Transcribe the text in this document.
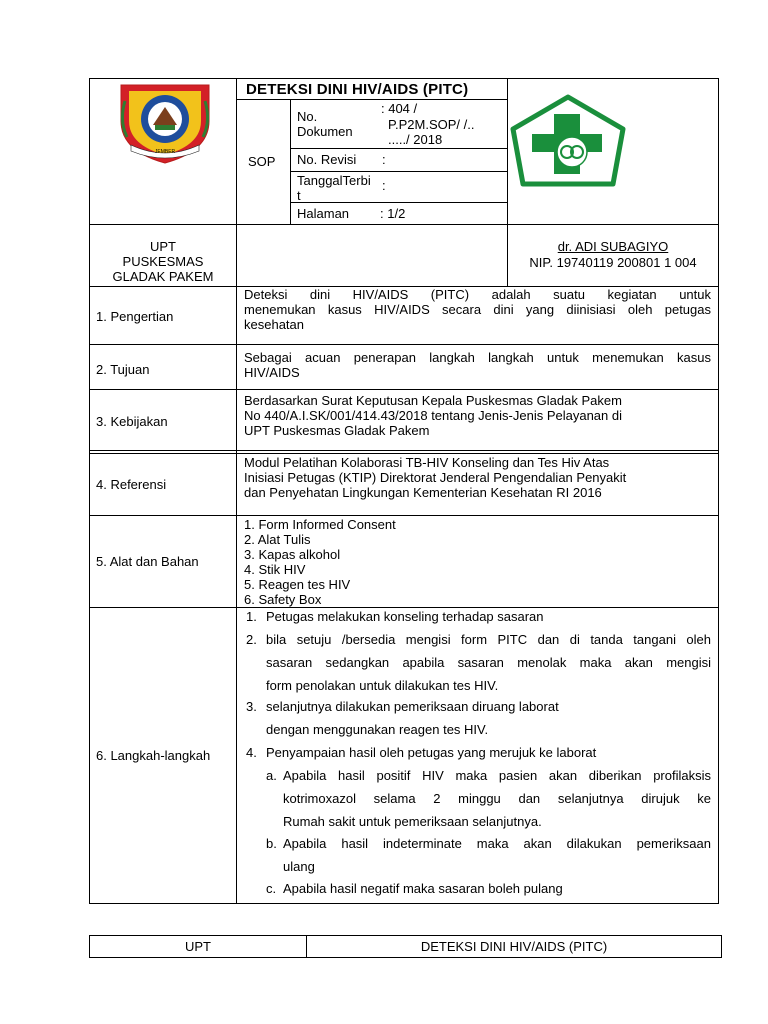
JEMBER
DETEKSI DINI HIV/AIDS (PITC)
SOP
No.
Dokumen
: 404 /
P.P2M.SOP/ /..
...../ 2018
No. Revisi :
TanggalTerbi
t
:
Halaman : 1/2
UPT
PUSKESMAS
GLADAK PAKEM
dr. ADI SUBAGIYO
NIP. 19740119 200801 1 004
1. Pengertian
2. Tujuan
3. Kebijakan
4. Referensi
5. Alat dan Bahan
6. Langkah-langkah
Deteksi dini HIV/AIDS (PITC) adalah suatu kegiatan untuk
menemukan kasus HIV/AIDS secara dini yang diinisiasi oleh petugas
kesehatan
Sebagai acuan penerapan langkah langkah untuk menemukan kasus
HIV/AIDS
Berdasarkan Surat Keputusan Kepala Puskesmas Gladak Pakem
No 440/A.I.SK/001/414.43/2018 tentang Jenis-Jenis Pelayanan di
UPT Puskesmas Gladak Pakem
Modul Pelatihan Kolaborasi TB-HIV Konseling dan Tes Hiv Atas
Inisiasi Petugas (KTIP) Direktorat Jenderal Pengendalian Penyakit
dan Penyehatan Lingkungan Kementerian Kesehatan RI 2016
1. Form Informed Consent
2. Alat Tulis
3. Kapas alkohol
4. Stik HIV
5. Reagen tes HIV
6. Safety Box
1. Petugas melakukan konseling terhadap sasaran
2. bila setuju /bersedia mengisi form PITC dan di tanda tangani oleh
sasaran sedangkan apabila sasaran menolak maka akan mengisi
form penolakan untuk dilakukan tes HIV.
3. selanjutnya dilakukan pemeriksaan diruang laborat
dengan menggunakan reagen tes HIV.
4. Penyampaian hasil oleh petugas yang merujuk ke laborat
a. Apabila hasil positif HIV maka pasien akan diberikan profilaksis
kotrimoxazol selama 2 minggu dan selanjutnya dirujuk ke
Rumah sakit untuk pemeriksaan selanjutnya.
b. Apabila hasil indeterminate maka akan dilakukan pemeriksaan
ulang
c. Apabila hasil negatif maka sasaran boleh pulang
UPT	DETEKSI DINI HIV/AIDS (PITC)
